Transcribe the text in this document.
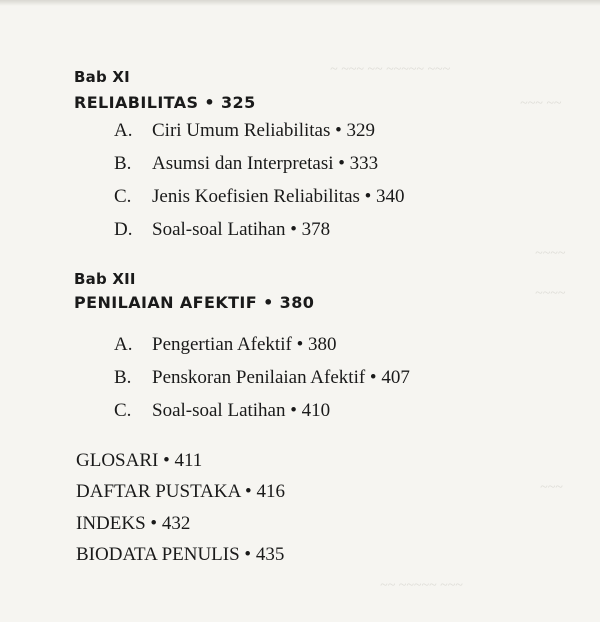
~ ~~~ ~~ ~~~~~ ~~~
~~~ ~~
~~~~
~~~~
~~~
~~ ~~~~~ ~~~
Bab XI
RELIABILITAS • 325
A. Ciri Umum Reliabilitas • 329
B. Asumsi dan Interpretasi • 333
C. Jenis Koefisien Reliabilitas • 340
D. Soal-soal Latihan • 378
Bab XII
PENILAIAN AFEKTIF • 380
A. Pengertian Afektif • 380
B. Penskoran Penilaian Afektif • 407
C. Soal-soal Latihan • 410
GLOSARI • 411
DAFTAR PUSTAKA • 416
INDEKS • 432
BIODATA PENULIS • 435
